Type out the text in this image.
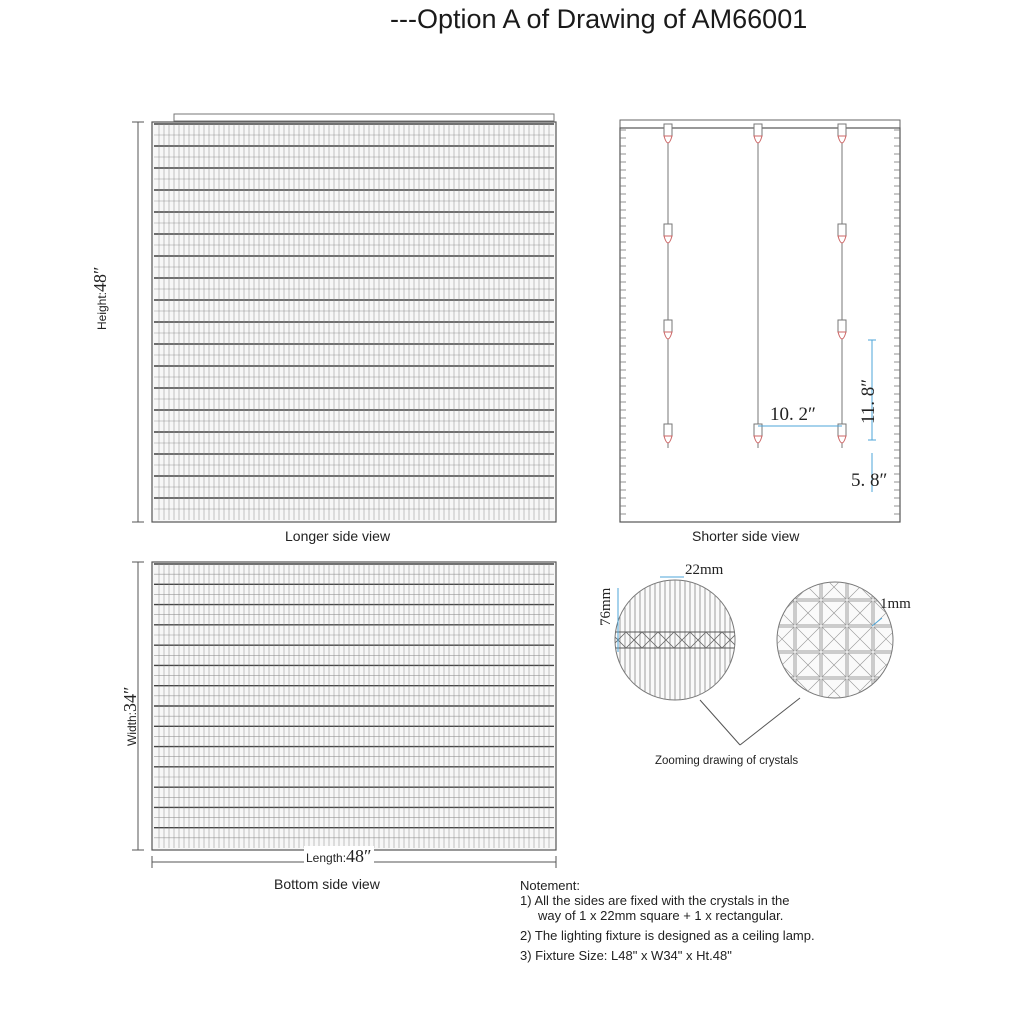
---Option A of Drawing of AM66001
Height:48″
Longer side view
10. 2″ 11. 8″
5. 8″
Shorter side view
Width:34″
Length:48″
Bottom side view
22mm
76mm	1mm
Zooming drawing of crystals
Notement:
1) All the sides are fixed with the crystals in the
way of 1 x 22mm square + 1 x rectangular.
2) The lighting fixture is designed as a ceiling lamp.
3) Fixture Size: L48" x W34" x Ht.48"
